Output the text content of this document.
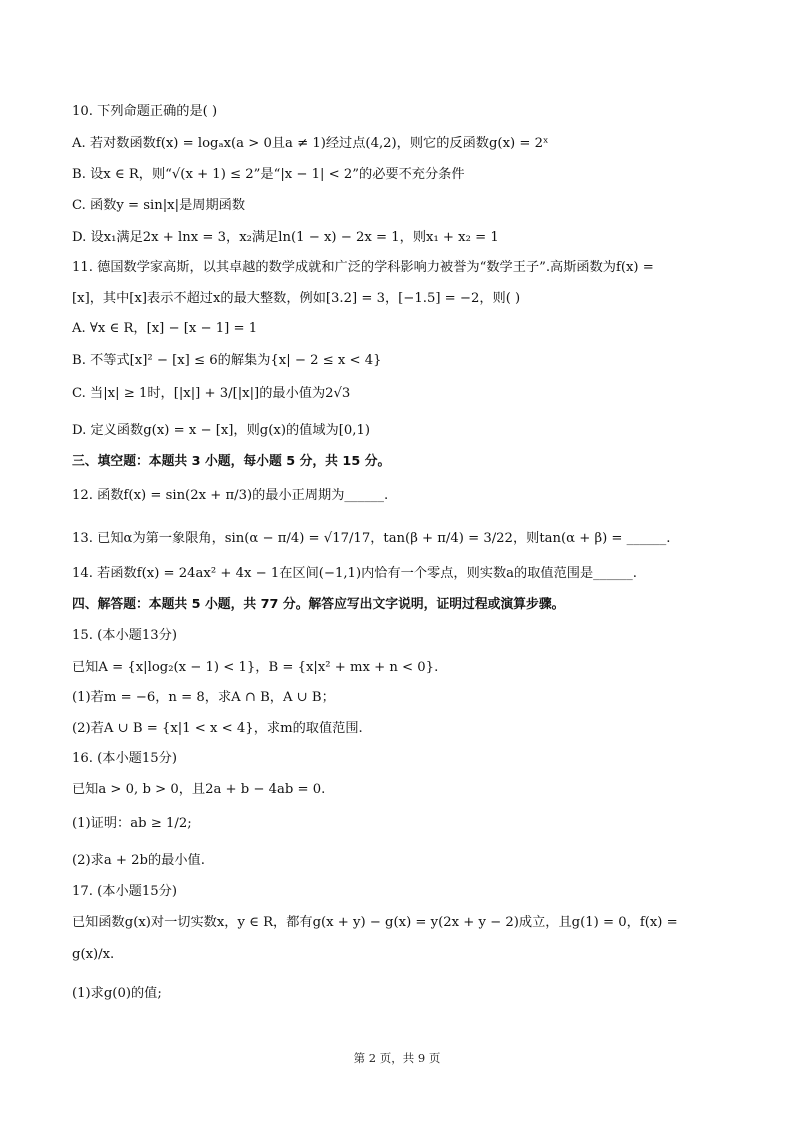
10. 下列命题正确的是( )
A. 若对数函数f(x) = logₐx(a > 0且a ≠ 1)经过点(4,2)，则它的反函数g(x) = 2ˣ
B. 设x ∈ R，则“√(x + 1) ≤ 2”是“|x − 1| < 2”的必要不充分条件
C. 函数y = sin|x|是周期函数
D. 设x₁满足2x + lnx = 3，x₂满足ln(1 − x) − 2x = 1，则x₁ + x₂ = 1
11. 德国数学家高斯，以其卓越的数学成就和广泛的学科影响力被誉为“数学王子”.高斯函数为f(x) =
[x]，其中[x]表示不超过x的最大整数，例如[3.2] = 3，[−1.5] = −2，则( )
A. ∀x ∈ R，[x] − [x − 1] = 1
B. 不等式[x]² − [x] ≤ 6的解集为{x| − 2 ≤ x < 4}
C. 当|x| ≥ 1时，[|x|] + 3/[|x|]的最小值为2√3
D. 定义函数g(x) = x − [x]，则g(x)的值域为[0,1)
三、填空题：本题共 3 小题，每小题 5 分，共 15 分。
12. 函数f(x) = sin(2x + π/3)的最小正周期为______.
13. 已知α为第一象限角，sin(α − π/4) = √17/17，tan(β + π/4) = 3/22，则tan(α + β) = ______.
14. 若函数f(x) = 24ax² + 4x − 1在区间(−1,1)内恰有一个零点，则实数a的取值范围是______.
四、解答题：本题共 5 小题，共 77 分。解答应写出文字说明，证明过程或演算步骤。
15. (本小题13分)
已知A = {x|log₂(x − 1) < 1}，B = {x|x² + mx + n < 0}.
(1)若m = −6，n = 8，求A ∩ B，A ∪ B；
(2)若A ∪ B = {x|1 < x < 4}，求m的取值范围.
16. (本小题15分)
已知a > 0, b > 0，且2a + b − 4ab = 0.
(1)证明：ab ≥ 1/2;
(2)求a + 2b的最小值.
17. (本小题15分)
已知函数g(x)对一切实数x，y ∈ R，都有g(x + y) − g(x) = y(2x + y − 2)成立，且g(1) = 0，f(x) =
g(x)/x.
(1)求g(0)的值;
第 2 页，共 9 页
